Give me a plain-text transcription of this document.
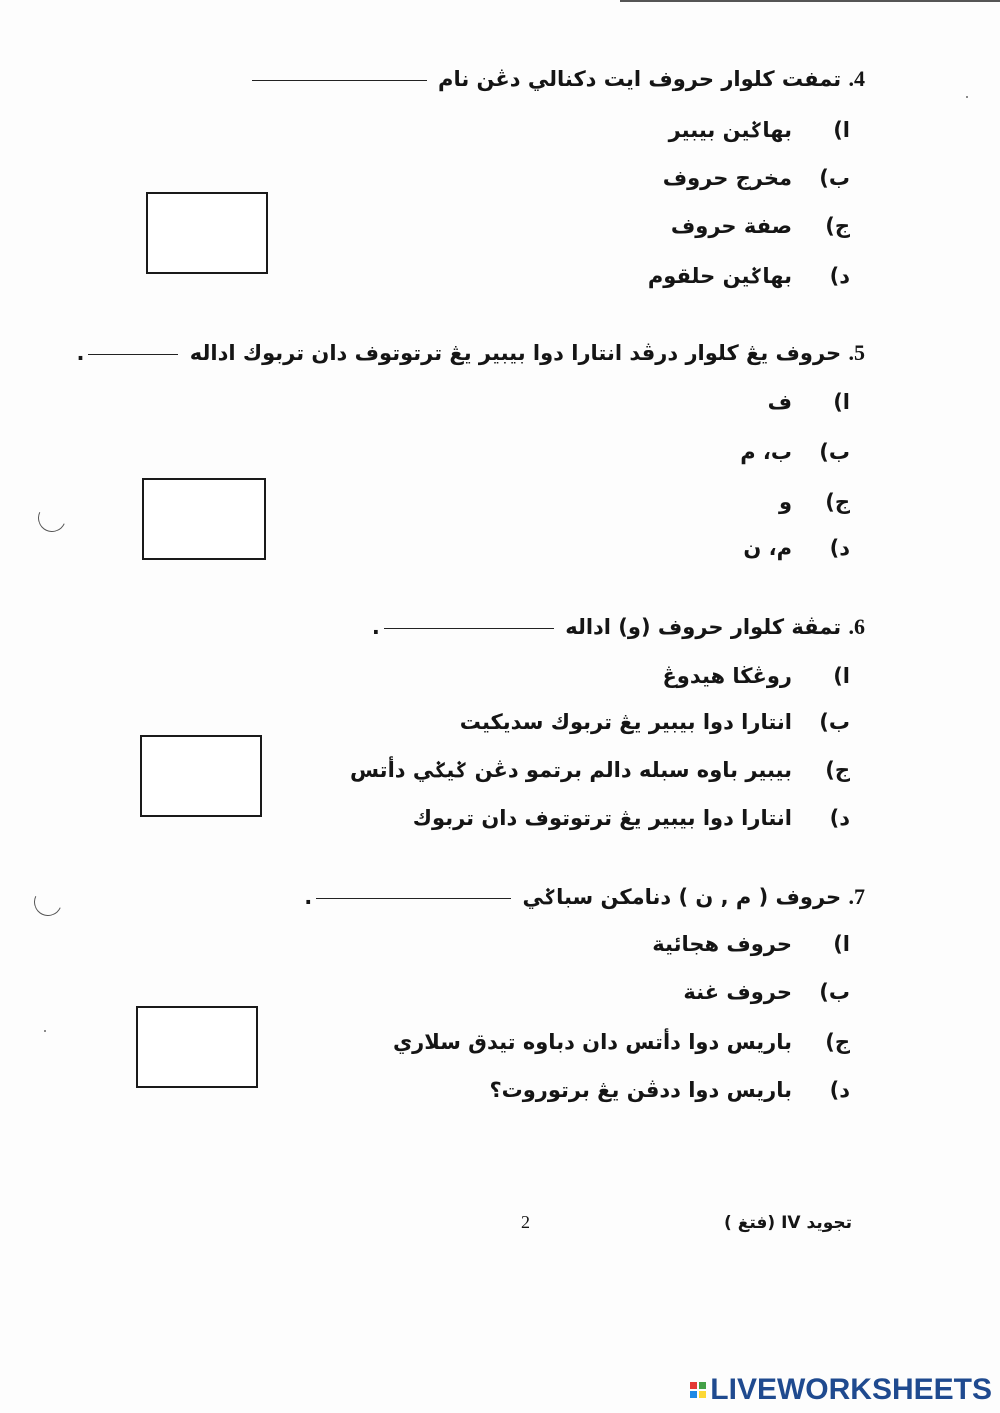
4. تمفت كلوار حروف ايت دكنالي دڠن نام
ا)بهاݢين بيبير
ب)مخرج حروف
ج)صفة حروف
د)بهاݢين حلقوم
5. حروف يڠ كلوار درڤد انتارا دوا بيبير يڠ ترتوتوف دان تربوك اداله .
ا)ف
ب)ب، م
ج)و
د)م، ن
6. تمڤة كلوار حروف (و) اداله .
ا)روڠڬا هيدوڠ
ب)انتارا دوا بيبير يڠ تربوك سديكيت
ج)بيبير باوه سبله دالم برتمو دڠن ݢيݢي دأتس
د)انتارا دوا بيبير يڠ ترتوتوف دان تربوك
7. حروف ( م , ن ) دنامكن سباݢي .
ا)حروف هجائية
ب)حروف غنة
ج)باريس دوا دأتس دان دباوه تيدق سلاري
د)باريس دوا ددڤن يڠ برتوروت؟
2	تجويد IV (فتغ )
LIVEWORKSHEETS
